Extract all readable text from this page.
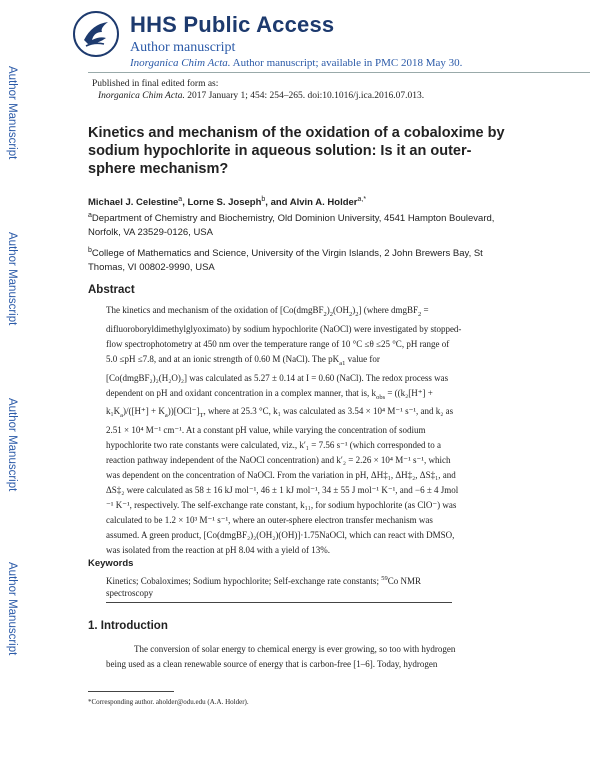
HHS Public Access
Author manuscript
Inorganica Chim Acta. Author manuscript; available in PMC 2018 May 30.
Author Manuscript
Author Manuscript
Author Manuscript
Author Manuscript
Published in final edited form as:
Inorganica Chim Acta. 2017 January 1; 454: 254–265. doi:10.1016/j.ica.2016.07.013.
Kinetics and mechanism of the oxidation of a cobaloxime by sodium hypochlorite in aqueous solution: Is it an outer-sphere mechanism?
Michael J. Celestine$^a$, Lorne S. Joseph$^b$, and Alvin A. Holder$^{a,*}$
$^a$Department of Chemistry and Biochemistry, Old Dominion University, 4541 Hampton Boulevard, Norfolk, VA 23529-0126, USA
$^b$College of Mathematics and Science, University of the Virgin Islands, 2 John Brewers Bay, St Thomas, VI 00802-9990, USA
Abstract
The kinetics and mechanism of the oxidation of $[Co(dmgBF_2)_2(OH_2)_2]$ (where dmgBF$_2$ =
difluoroboryldimethylglyoximato) by sodium hypochlorite (NaOCl) were investigated by stopped-
flow spectrophotometry at 450 nm over the temperature range of 10 °C ≤θ ≤25 °C, pH range of
5.0 ≤pH ≤7.8, and at an ionic strength of 0.60 M (NaCl). The $pK_{a1}$ value for
[Co(dmgBF₂)₂(H₂O)₂] was calculated as 5.27 ± 0.14 at I = 0.60 (NaCl). The redox process was
dependent on pH and oxidant concentration in a complex manner, that is, $k_{obs} = ((k_2[H^+]$ +
$k_1K_a)/([H^+] + K_a))[OCl^-]_T$, where at 25.3 °C, k₁ was calculated as 3.54 × 10⁴ M⁻¹ s⁻¹, and k₂ as
2.51 × 10⁴ M⁻¹ cm⁻¹. At a constant pH value, while varying the concentration of sodium
hypochlorite two rate constants were calculated, viz., k′₁ = 7.56 s⁻¹ (which corresponded to a
reaction pathway independent of the NaOCl concentration) and k′₂ = 2.26 × 10⁴ M⁻¹ s⁻¹, which
was dependent on the concentration of NaOCl. From the variation in pH, ΔH‡₁, ΔH‡₂, ΔS‡₁, and
ΔS‡₂ were calculated as 58 ± 16 kJ mol⁻¹, 46 ± 1 kJ mol⁻¹, 34 ± 55 J mol⁻¹ K⁻¹, and −6 ± 4 Jmol
⁻¹ K⁻¹, respectively. The self-exchange rate constant, k₁₁, for sodium hypochlorite (as ClO⁻) was
calculated to be 1.2 × 10³ M⁻¹ s⁻¹, where an outer-sphere electron transfer mechanism was
assumed. A green product, [Co(dmgBF₂)₂(OH₂)(OH)]·1.75NaOCl, which can react with DMSO,
was isolated from the reaction at pH 8.04 with a yield of 13%.
Keywords
Kinetics; Cobaloximes; Sodium hypochlorite; Self-exchange rate constants; $^{59}$Co NMR
spectroscopy
1. Introduction
The conversion of solar energy to chemical energy is ever growing, so too with hydrogen
being used as a clean renewable source of energy that is carbon-free [1–6]. Today, hydrogen
*Corresponding author. aholder@odu.edu (A.A. Holder).
